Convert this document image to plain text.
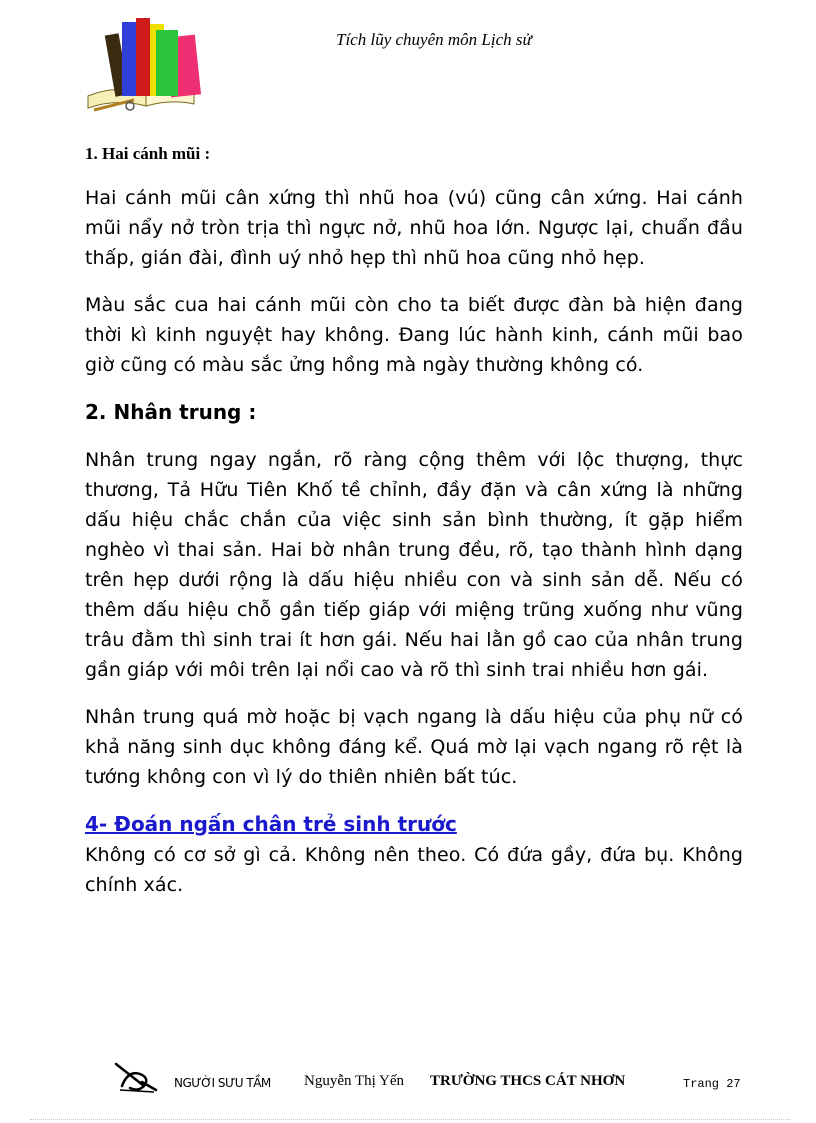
Tích lũy chuyên môn Lịch sử
1. Hai cánh mũi :

Hai cánh mũi cân xứng thì nhũ hoa (vú) cũng cân xứng. Hai cánh mũi nẩy nở tròn trịa thì ngực nở, nhũ hoa lớn. Ngược lại, chuẩn đầu thấp, gián đài, đình uý nhỏ hẹp thì nhũ hoa cũng nhỏ hẹp.

Màu sắc cua hai cánh mũi còn cho ta biết được đàn bà hiện đang thời kì kinh nguyệt hay không. Đang lúc hành kinh, cánh mũi bao giờ cũng có màu sắc ửng hồng mà ngày thường không có.

2. Nhân trung :

Nhân trung ngay ngắn, rõ ràng cộng thêm với lộc thượng, thực thương, Tả Hữu Tiên Khố tề chỉnh, đầy đặn và cân xứng là những dấu hiệu chắc chắn của việc sinh sản bình thường, ít gặp hiểm nghèo vì thai sản. Hai bờ nhân trung đều, rõ, tạo thành hình dạng trên hẹp dưới rộng là dấu hiệu nhiều con và sinh sản dễ. Nếu có thêm dấu hiệu chỗ gần tiếp giáp với miệng trũng xuống như vũng trâu đằm thì sinh trai ít hơn gái. Nếu hai lằn gồ cao của nhân trung gần giáp với môi trên lại nổi cao và rõ thì sinh trai nhiều hơn gái.

Nhân trung quá mờ hoặc bị vạch ngang là dấu hiệu của phụ nữ có khả năng sinh dục không đáng kể. Quá mờ lại vạch ngang rõ rệt là tướng không con vì lý do thiên nhiên bất túc.

4- Đoán ngấn chân trẻ sinh trước

Không có cơ sở gì cả. Không nên theo. Có đứa gầy, đứa bụ. Không chính xác.

NGƯỜI SƯU TẦM Nguyễn Thị Yến TRƯỜNG THCS CÁT NHƠN	Trang 27
